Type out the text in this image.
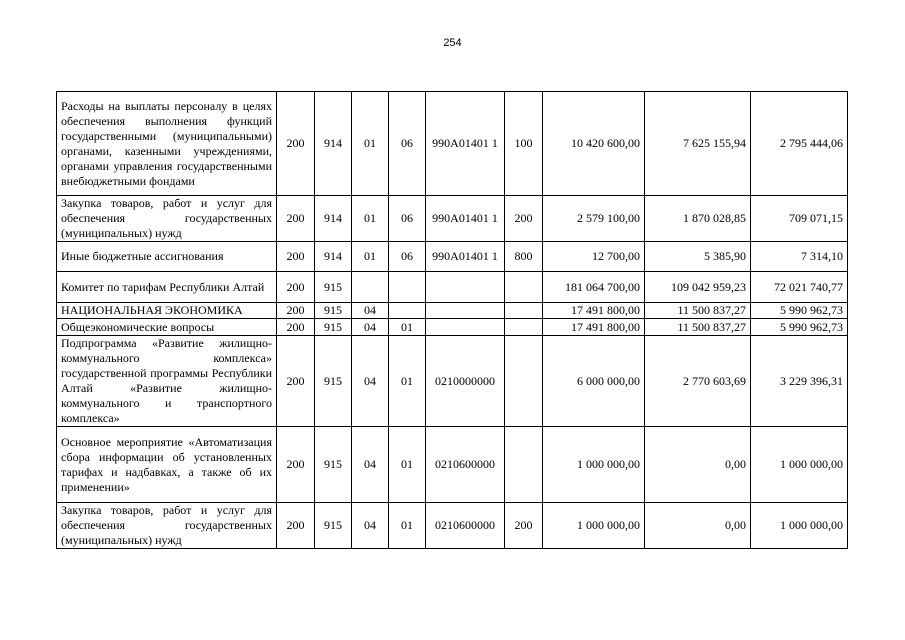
254
Расходы на выплаты персоналу в целях обеспечения выполнения функций государственными (муниципальными) органами, казенными учреждениями, органами управления государственными внебюджетными фондами	200	914	01	06	990A01401 1	100	10 420 600,00	7 625 155,94	2 795 444,06
Закупка товаров, работ и услуг для обеспечения государственных (муниципальных) нужд	200	914	01	06	990A01401 1	200	2 579 100,00	1 870 028,85	709 071,15
Иные бюджетные ассигнования	200	914	01	06	990A01401 1	800	12 700,00	5 385,90	7 314,10
Комитет по тарифам Республики Алтай	200	915					181 064 700,00	109 042 959,23	72 021 740,77
НАЦИОНАЛЬНАЯ ЭКОНОМИКА	200	915	04				17 491 800,00	11 500 837,27	5 990 962,73
Общеэкономические вопросы	200	915	04	01			17 491 800,00	11 500 837,27	5 990 962,73
Подпрограмма «Развитие жилищно-коммунального комплекса» государственной программы Республики Алтай «Развитие жилищно-коммунального и транспортного комплекса»	200	915	04	01	0210000000		6 000 000,00	2 770 603,69	3 229 396,31
Основное мероприятие «Автоматизация сбора информации об установленных тарифах и надбавках, а также об их применении»	200	915	04	01	0210600000		1 000 000,00	0,00	1 000 000,00
Закупка товаров, работ и услуг для обеспечения государственных (муниципальных) нужд	200	915	04	01	0210600000	200	1 000 000,00	0,00	1 000 000,00
